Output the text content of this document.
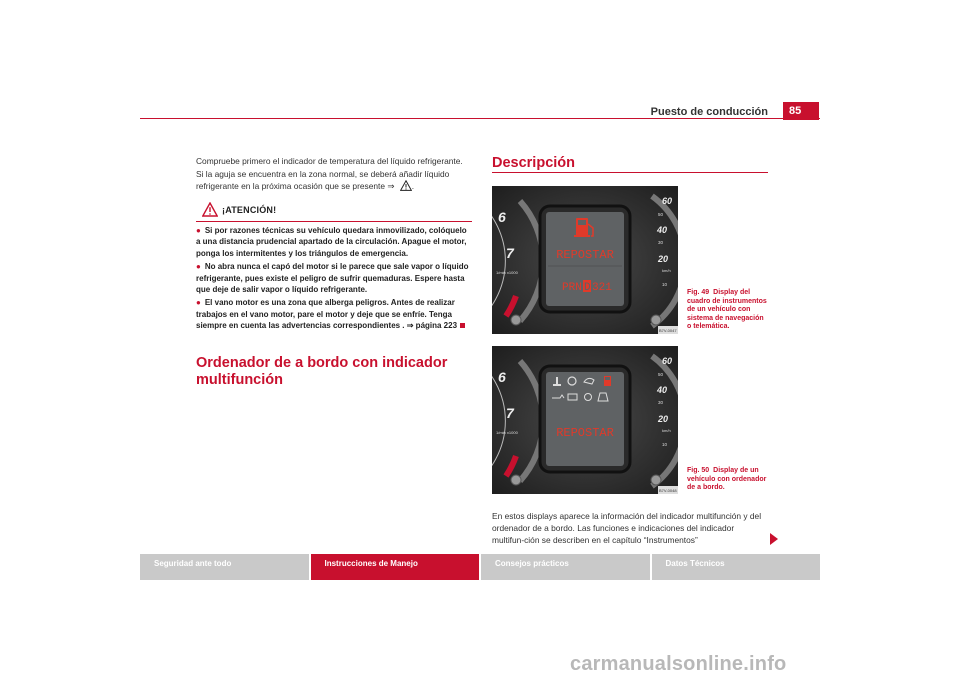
Puesto de conducción	85
Compruebe primero el indicador de temperatura del líquido refrigerante. Si la aguja se encuentra en la zona normal, se deberá añadir líquido refrigerante en la próxima ocasión que se presente ⇒ .
¡ATENCIÓN!
● Si por razones técnicas su vehículo quedara inmovilizado, colóquelo a una distancia prudencial apartado de la circulación. Apague el motor, ponga los intermitentes y los triángulos de emergencia.
● No abra nunca el capó del motor si le parece que sale vapor o líquido refrigerante, pues existe el peligro de sufrir quemaduras. Espere hasta que deje de salir vapor o líquido refrigerante.
● El vano motor es una zona que alberga peligros. Antes de realizar trabajos en el vano motor, pare el motor y deje que se enfríe. Tenga siempre en cuenta las advertencias correspondientes . ⇒ página 223
Ordenador de a bordo con indicador multifunción
Descripción
6
7
1/min x1000
60
50
40
30
20
10
km/h
REPOSTAR
PRN D 321
B7V-0047
Fig. 49 Display del cuadro de instrumentos de un vehículo con sistema de navegación o telemática.
6
7
1/min x1000
60
50
40
30
20
10
km/h
REPOSTAR
B7V-0048
Fig. 50 Display de un vehículo con ordenador de a bordo.
En estos displays aparece la información del indicador multifunción y del ordenador de a bordo. Las funciones e indicaciones del indicador multifun-ción se describen en el capítulo “Instrumentos”
Seguridad ante todo	Instrucciones de Manejo	Consejos prácticos	Datos Técnicos
carmanualsonline.info
